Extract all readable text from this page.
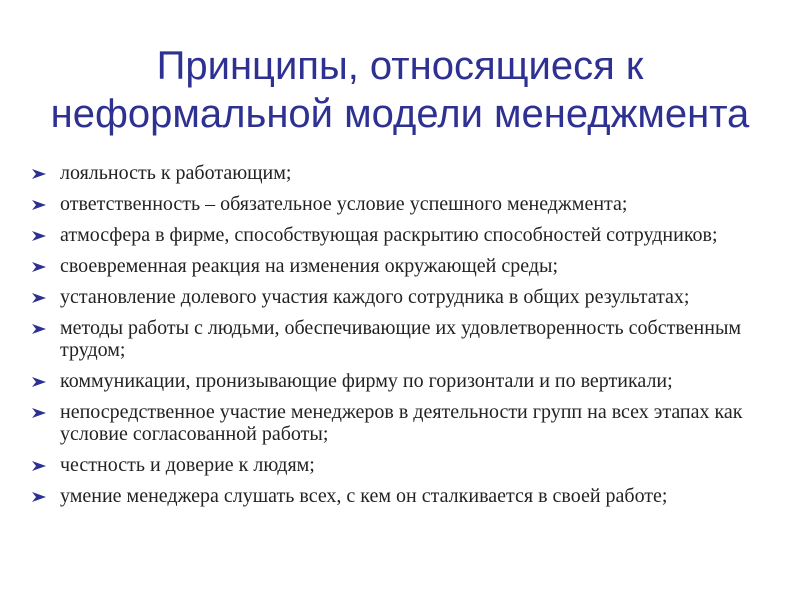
Принципы, относящиеся к
неформальной модели менеджмента
лояльность к работающим;
ответственность – обязательное условие успешного менеджмента;
атмосфера в фирме, способствующая раскрытию способностей сотрудников;
своевременная реакция на изменения окружающей среды;
установление долевого участия каждого сотрудника в общих результатах;
методы работы с людьми, обеспечивающие их удовлетворенность собственным трудом;
коммуникации, пронизывающие фирму по горизонтали и по вертикали;
непосредственное участие менеджеров в деятельности групп на всех этапах как условие согласованной работы;
честность и доверие к людям;
умение менеджера слушать всех, с кем он сталкивается в своей работе;
